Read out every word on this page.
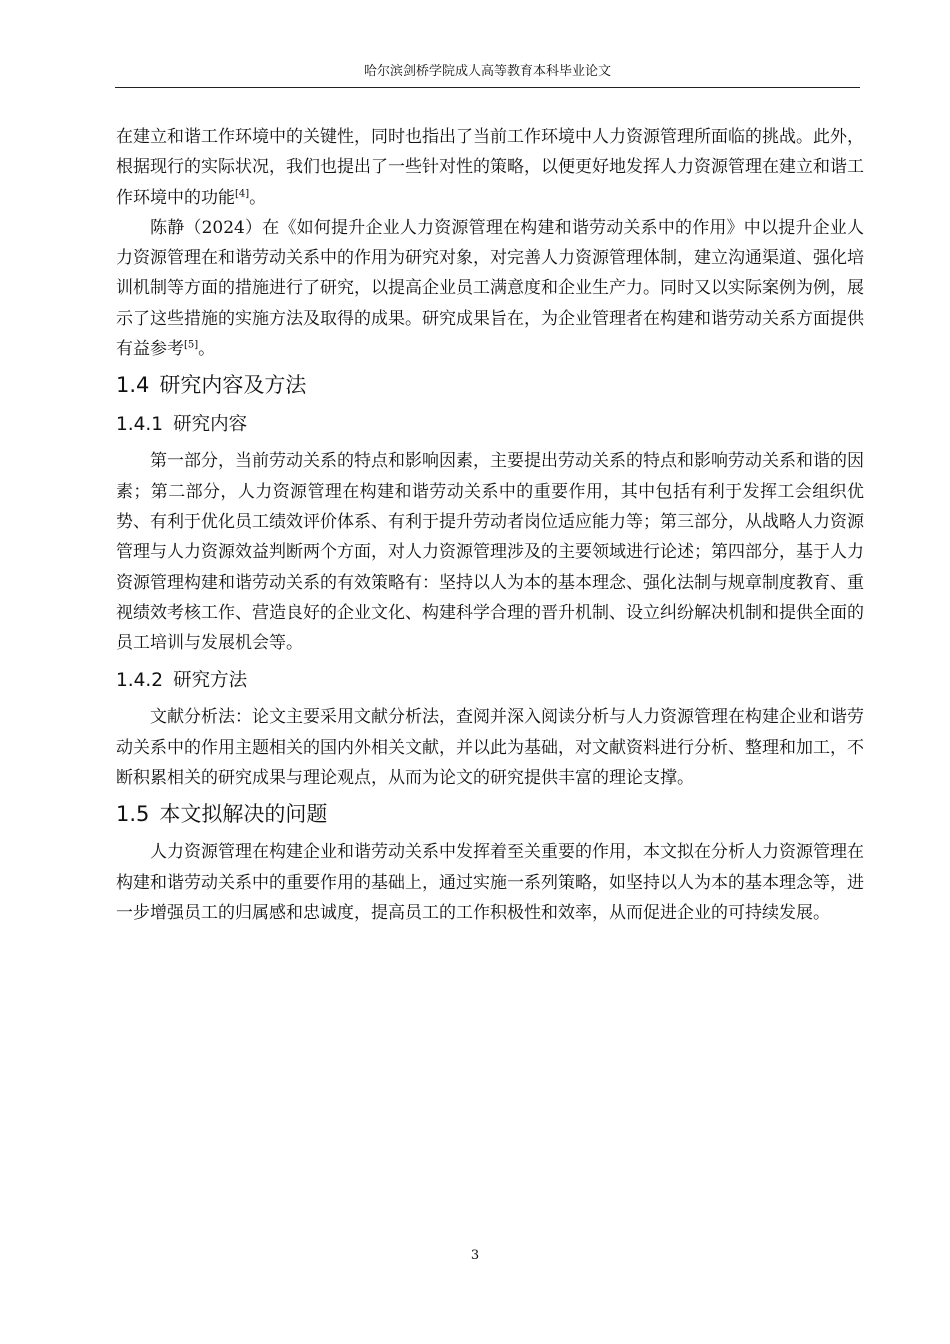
哈尔滨剑桥学院成人高等教育本科毕业论文

在建立和谐工作环境中的关键性，同时也指出了当前工作环境中人力资源管理所面临的挑战。此外，根据现行的实际状况，我们也提出了一些针对性的策略，以便更好地发挥人力资源管理在建立和谐工作环境中的功能[4]。

陈静（2024）在《如何提升企业人力资源管理在构建和谐劳动关系中的作用》中以提升企业人力资源管理在和谐劳动关系中的作用为研究对象，对完善人力资源管理体制，建立沟通渠道、强化培训机制等方面的措施进行了研究，以提高企业员工满意度和企业生产力。同时又以实际案例为例，展示了这些措施的实施方法及取得的成果。研究成果旨在，为企业管理者在构建和谐劳动关系方面提供有益参考[5]。

1.4 研究内容及方法
1.4.1 研究内容

第一部分，当前劳动关系的特点和影响因素，主要提出劳动关系的特点和影响劳动关系和谐的因素；第二部分，人力资源管理在构建和谐劳动关系中的重要作用，其中包括有利于发挥工会组织优势、有利于优化员工绩效评价体系、有利于提升劳动者岗位适应能力等；第三部分，从战略人力资源管理与人力资源效益判断两个方面，对人力资源管理涉及的主要领域进行论述；第四部分，基于人力资源管理构建和谐劳动关系的有效策略有：坚持以人为本的基本理念、强化法制与规章制度教育、重视绩效考核工作、营造良好的企业文化、构建科学合理的晋升机制、设立纠纷解决机制和提供全面的员工培训与发展机会等。

1.4.2 研究方法

文献分析法：论文主要采用文献分析法，查阅并深入阅读分析与人力资源管理在构建企业和谐劳动关系中的作用主题相关的国内外相关文献，并以此为基础，对文献资料进行分析、整理和加工，不断积累相关的研究成果与理论观点，从而为论文的研究提供丰富的理论支撑。

1.5 本文拟解决的问题

人力资源管理在构建企业和谐劳动关系中发挥着至关重要的作用，本文拟在分析人力资源管理在构建和谐劳动关系中的重要作用的基础上，通过实施一系列策略，如坚持以人为本的基本理念等，进一步增强员工的归属感和忠诚度，提高员工的工作积极性和效率，从而促进企业的可持续发展。

3
